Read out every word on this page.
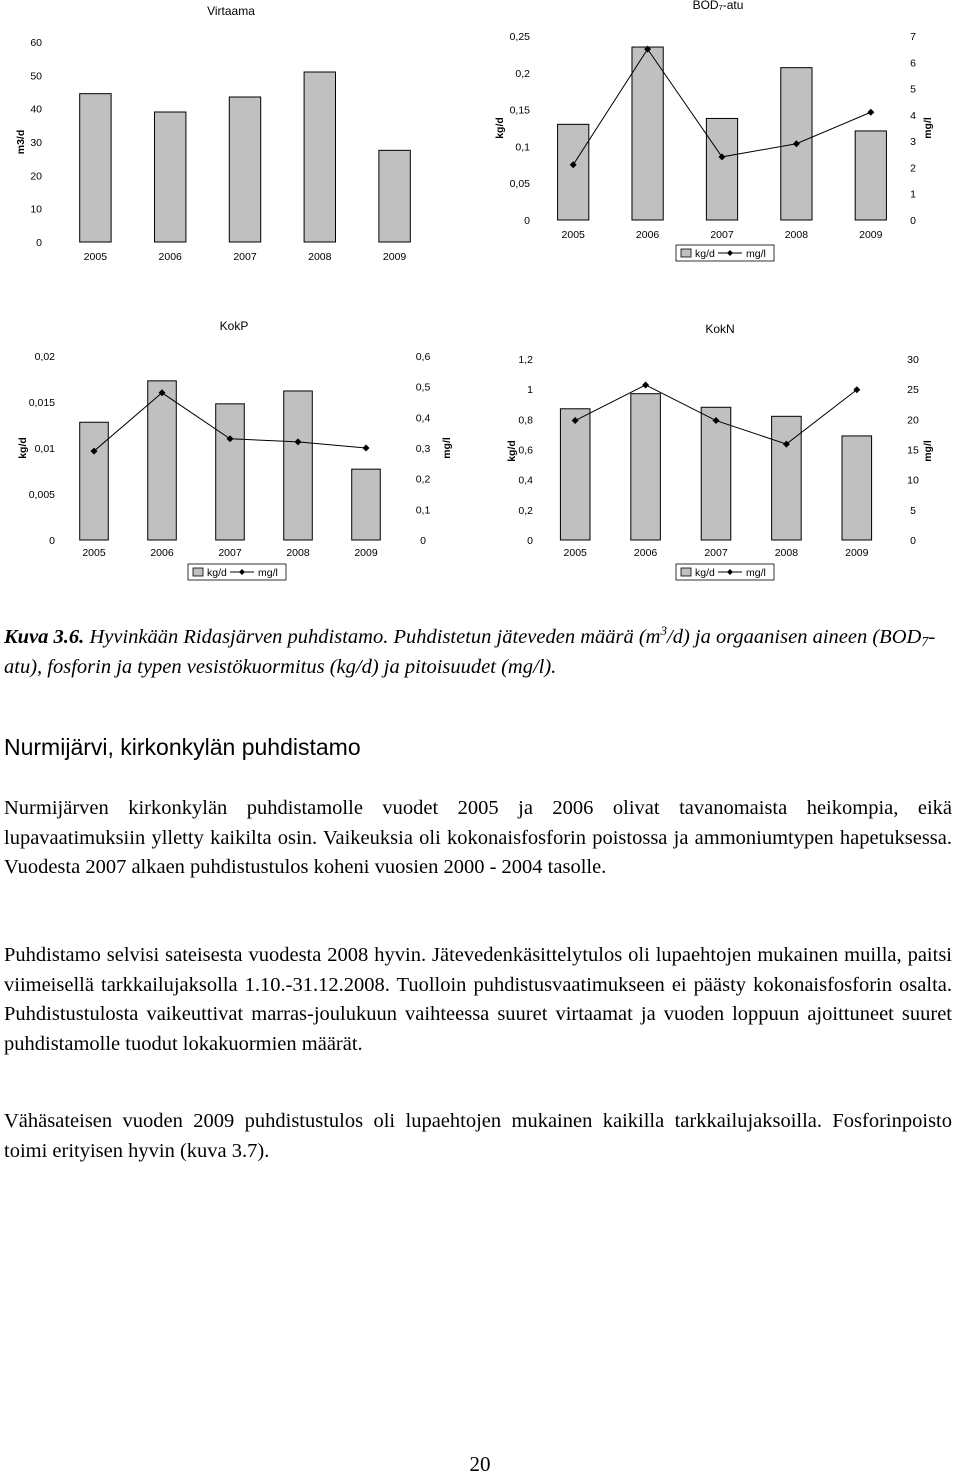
Virtaama
0
10
20
30
40
50
60
m3/d
2005	2006	2007	2008	2009
BOD₇-atu
0
0,05
0,1
0,15
0,2
0,25
kg/d
0
1
2
3
4
5
6
7
mg/l
2005	2006	2007	2008	2009
kg/d	mg/l
KokP
0
0,005
0,01
0,015
0,02
kg/d
0
0,1
0,2
0,3
0,4
0,5
0,6
mg/l
2005	2006	2007	2008	2009
kg/d	mg/l
KokN
0
0,2
0,4
0,6
0,8
1
1,2
kg/d
0
5
10
15
20
25
30
mg/l
2005	2006	2007	2008	2009
kg/d	mg/l

Kuva 3.6. Hyvinkään Ridasjärven puhdistamo. Puhdistetun jäteveden määrä $(m^3/d)$ ja orgaanisen aineen $(BOD_7-atu)$, fosforin ja typen vesistökuormitus (kg/d) ja pitoisuudet (mg/l).

Nurmijärvi, kirkonkylän puhdistamo

Nurmijärven kirkonkylän puhdistamolle vuodet 2005 ja 2006 olivat tavanomaista heikompia, eikä lupavaatimuksiin ylletty kaikilta osin. Vaikeuksia oli kokonaisfosforin poistossa ja ammoniumtypen hapetuksessa. Vuodesta 2007 alkaen puhdistustulos koheni vuosien 2000 - 2004 tasolle.

Puhdistamo selvisi sateisesta vuodesta 2008 hyvin. Jätevedenkäsittelytulos oli lupaehtojen mukainen muilla, paitsi viimeisellä tarkkailujaksolla 1.10.-31.12.2008. Tuolloin puhdistusvaatimukseen ei päästy kokonaisfosforin osalta. Puhdistustulosta vaikeuttivat marras-joulukuun vaihteessa suuret virtaamat ja vuoden loppuun ajoittuneet suuret puhdistamolle tuodut lokakuormien määrät.

Vähäsateisen vuoden 2009 puhdistustulos oli lupaehtojen mukainen kaikilla tarkkailujaksoilla. Fosforinpoisto toimi erityisen hyvin (kuva 3.7).

20
